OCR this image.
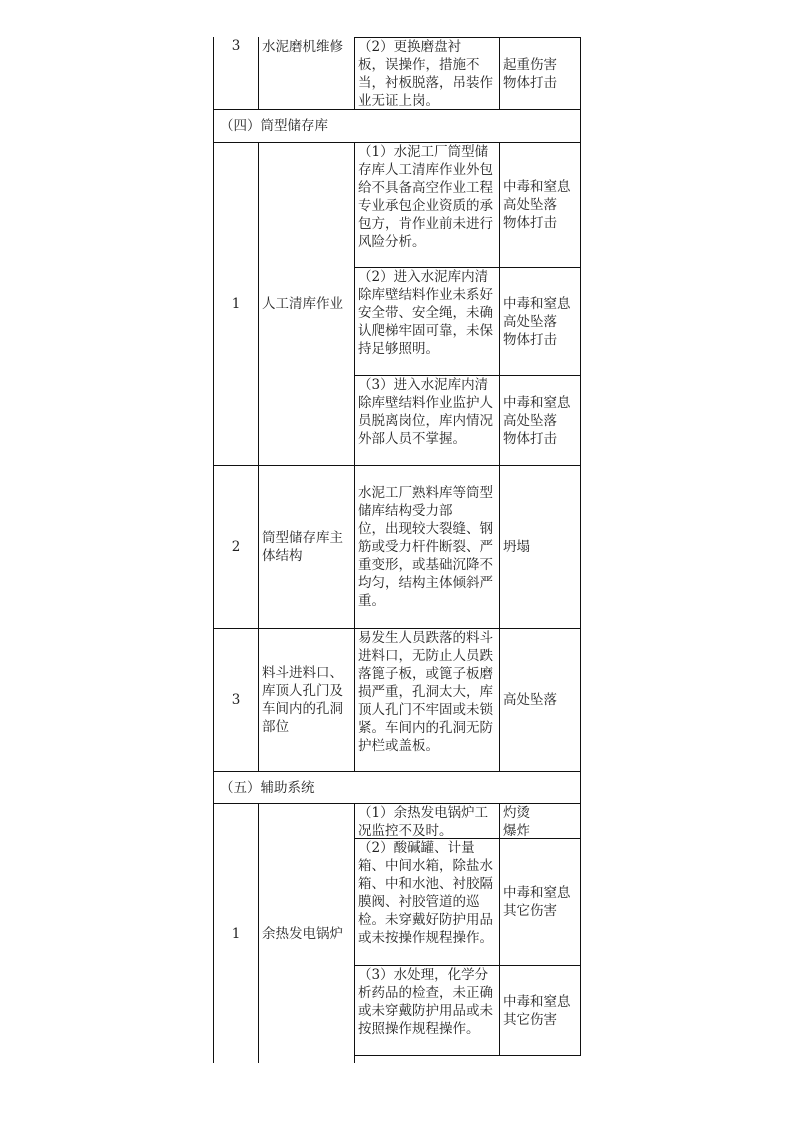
3 水泥磨机维修 （2）更换磨盘衬
板，误操作，措施不当，衬板脱落，吊装作业无证上岗。
起重伤害
物体打击
（四）筒型储存库
1	人工清库作业
（1）水泥工厂筒型储存库人工清库作业外包给不具备高空作业工程专业承包企业资质的承包方，肯作业前未进行风险分析。
中毒和窒息
高处坠落
物体打击
（2）进入水泥库内清除库壁结料作业未系好安全带、安全绳，未确认爬梯牢固可靠，未保持足够照明。
中毒和窒息
高处坠落
物体打击
（3）进入水泥库内清除库壁结料作业监护人员脱离岗位，库内情况外部人员不掌握。
中毒和窒息
高处坠落
物体打击
2
筒型储存库主体结构
水泥工厂熟料库等筒型储库结构受力部
位，出现较大裂缝、钢筋或受力杆件断裂、严重变形，或基础沉降不均匀，结构主体倾斜严重。
坍塌
3
料斗进料口、库顶人孔门及车间内的孔洞部位
易发生人员跌落的料斗进料口，无防止人员跌落篦子板，或篦子板磨损严重，孔洞太大，库顶人孔门不牢固或未锁紧。车间内的孔洞无防护栏或盖板。
高处坠落
（五）辅助系统
1	余热发电锅炉
（1）余热发电锅炉工况监控不及时。
灼烫
爆炸
（2）酸碱罐、计量箱、中间水箱，除盐水箱、中和水池、衬胶隔膜阀、衬胶管道的巡检。未穿戴好防护用品或未按操作规程操作。
中毒和窒息
其它伤害
（3）水处理，化学分析药品的检查，未正确或未穿戴防护用品或未按照操作规程操作。
中毒和窒息
其它伤害
